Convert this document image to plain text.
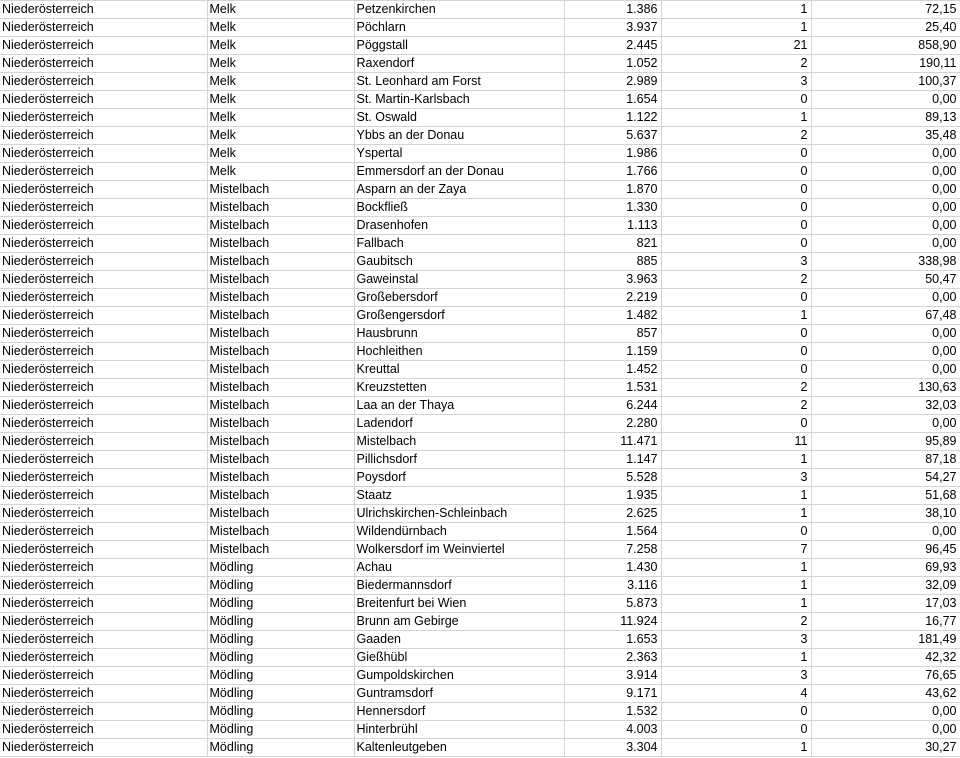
Niederösterreich	Melk	Petzenkirchen	1.386	1	72,15
Niederösterreich	Melk	Pöchlarn	3.937	1	25,40
Niederösterreich	Melk	Pöggstall	2.445	21	858,90
Niederösterreich	Melk	Raxendorf	1.052	2	190,11
Niederösterreich	Melk	St. Leonhard am Forst	2.989	3	100,37
Niederösterreich	Melk	St. Martin-Karlsbach	1.654	0	0,00
Niederösterreich	Melk	St. Oswald	1.122	1	89,13
Niederösterreich	Melk	Ybbs an der Donau	5.637	2	35,48
Niederösterreich	Melk	Yspertal	1.986	0	0,00
Niederösterreich	Melk	Emmersdorf an der Donau	1.766	0	0,00
Niederösterreich	Mistelbach	Asparn an der Zaya	1.870	0	0,00
Niederösterreich	Mistelbach	Bockfließ	1.330	0	0,00
Niederösterreich	Mistelbach	Drasenhofen	1.113	0	0,00
Niederösterreich	Mistelbach	Fallbach	821	0	0,00
Niederösterreich	Mistelbach	Gaubitsch	885	3	338,98
Niederösterreich	Mistelbach	Gaweinstal	3.963	2	50,47
Niederösterreich	Mistelbach	Großebersdorf	2.219	0	0,00
Niederösterreich	Mistelbach	Großengersdorf	1.482	1	67,48
Niederösterreich	Mistelbach	Hausbrunn	857	0	0,00
Niederösterreich	Mistelbach	Hochleithen	1.159	0	0,00
Niederösterreich	Mistelbach	Kreuttal	1.452	0	0,00
Niederösterreich	Mistelbach	Kreuzstetten	1.531	2	130,63
Niederösterreich	Mistelbach	Laa an der Thaya	6.244	2	32,03
Niederösterreich	Mistelbach	Ladendorf	2.280	0	0,00
Niederösterreich	Mistelbach	Mistelbach	11.471	11	95,89
Niederösterreich	Mistelbach	Pillichsdorf	1.147	1	87,18
Niederösterreich	Mistelbach	Poysdorf	5.528	3	54,27
Niederösterreich	Mistelbach	Staatz	1.935	1	51,68
Niederösterreich	Mistelbach	Ulrichskirchen-Schleinbach	2.625	1	38,10
Niederösterreich	Mistelbach	Wildendürnbach	1.564	0	0,00
Niederösterreich	Mistelbach	Wolkersdorf im Weinviertel	7.258	7	96,45
Niederösterreich	Mödling	Achau	1.430	1	69,93
Niederösterreich	Mödling	Biedermannsdorf	3.116	1	32,09
Niederösterreich	Mödling	Breitenfurt bei Wien	5.873	1	17,03
Niederösterreich	Mödling	Brunn am Gebirge	11.924	2	16,77
Niederösterreich	Mödling	Gaaden	1.653	3	181,49
Niederösterreich	Mödling	Gießhübl	2.363	1	42,32
Niederösterreich	Mödling	Gumpoldskirchen	3.914	3	76,65
Niederösterreich	Mödling	Guntramsdorf	9.171	4	43,62
Niederösterreich	Mödling	Hennersdorf	1.532	0	0,00
Niederösterreich	Mödling	Hinterbrühl	4.003	0	0,00
Niederösterreich	Mödling	Kaltenleutgeben	3.304	1	30,27
